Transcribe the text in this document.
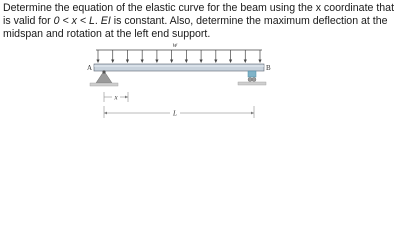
Determine the equation of the elastic curve for the beam using the x coordinate that
is valid for 0 < x < L. EI is constant. Also, determine the maximum deflection at the
midspan and rotation at the left end support.
w
A	B
x
L
